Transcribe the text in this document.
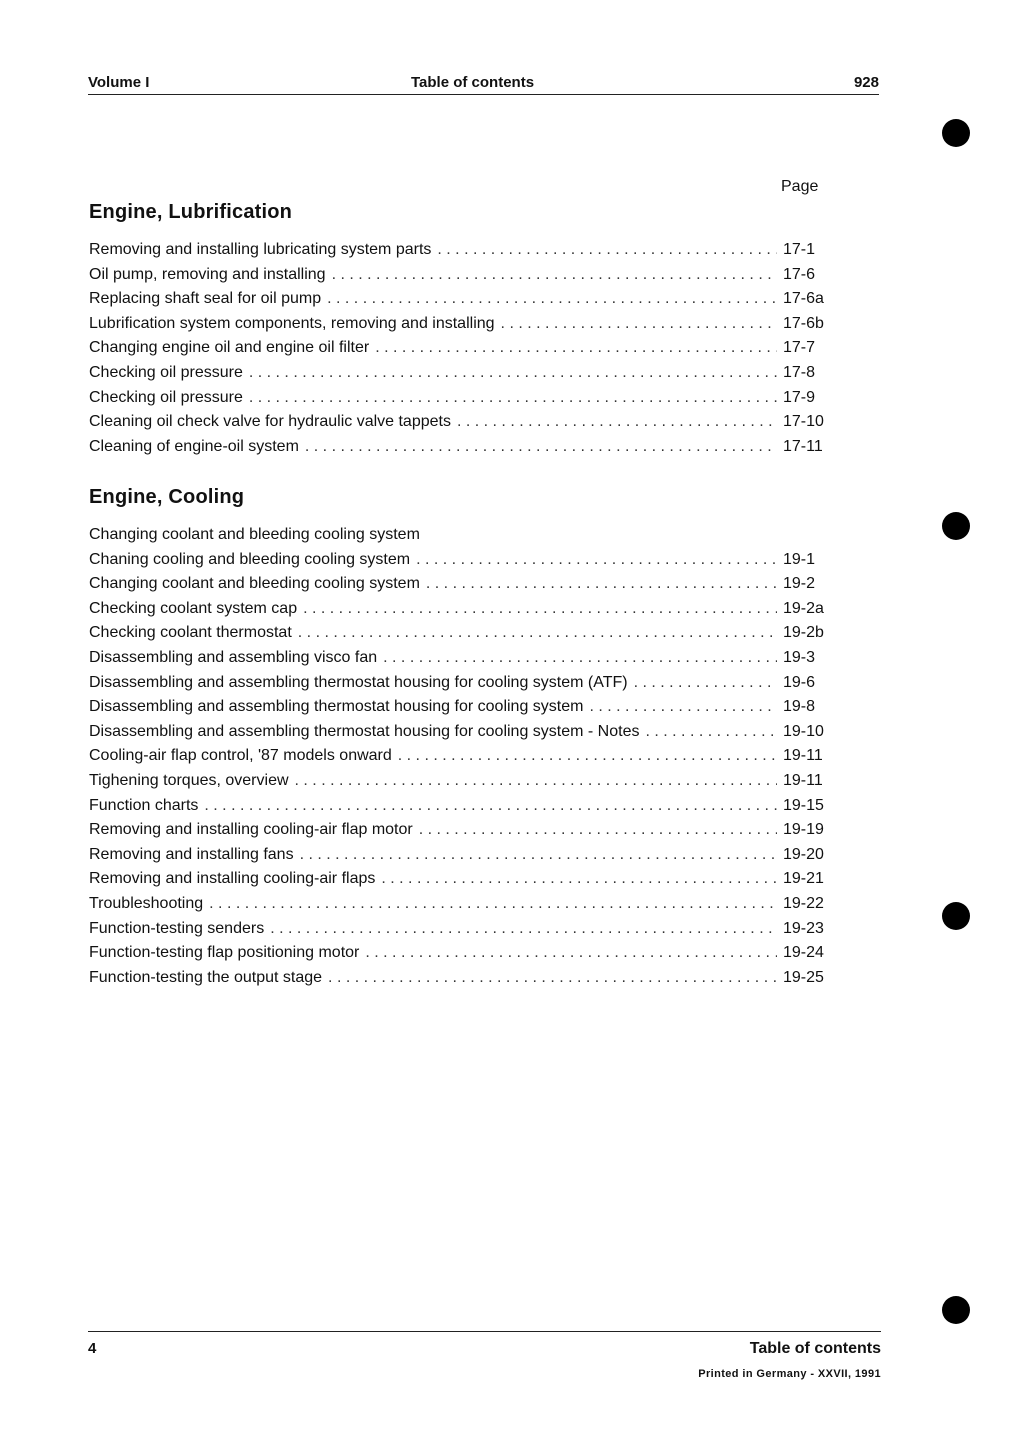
Volume I	Table of contents	928
Page
Engine, Lubrification
Removing and installing lubricating system parts . . .	17-1
Oil pump, removing and installing . . .	17-6
Replacing shaft seal for oil pump . . .	17-6a
Lubrification system components, removing and installing . . .	17-6b
Changing engine oil and engine oil filter . . .	17-7
Checking oil pressure . . .	17-8
Checking oil pressure . . .	17-9
Cleaning oil check valve for hydraulic valve tappets . . .	17-10
Cleaning of engine-oil system . . .	17-11
Engine, Cooling
Changing coolant and bleeding cooling system
Chaning cooling and bleeding cooling system . . .	19-1
Changing coolant and bleeding cooling system . . .	19-2
Checking coolant system cap . . .	19-2a
Checking coolant thermostat . . .	19-2b
Disassembling and assembling visco fan . . .	19-3
Disassembling and assembling thermostat housing for cooling system (ATF) . . .	19-6
Disassembling and assembling thermostat housing for cooling system . . .	19-8
Disassembling and assembling thermostat housing for cooling system - Notes . . .	19-10
Cooling-air flap control, '87 models onward . . .	19-11
Tighening torques, overview . . .	19-11
Function charts . . .	19-15
Removing and installing cooling-air flap motor . . .	19-19
Removing and installing fans . . .	19-20
Removing and installing cooling-air flaps . . .	19-21
Troubleshooting . . .	19-22
Function-testing senders . . .	19-23
Function-testing flap positioning motor . . .	19-24
Function-testing the output stage . . .	19-25
4	Table of contents
Printed in Germany - XXVII, 1991
